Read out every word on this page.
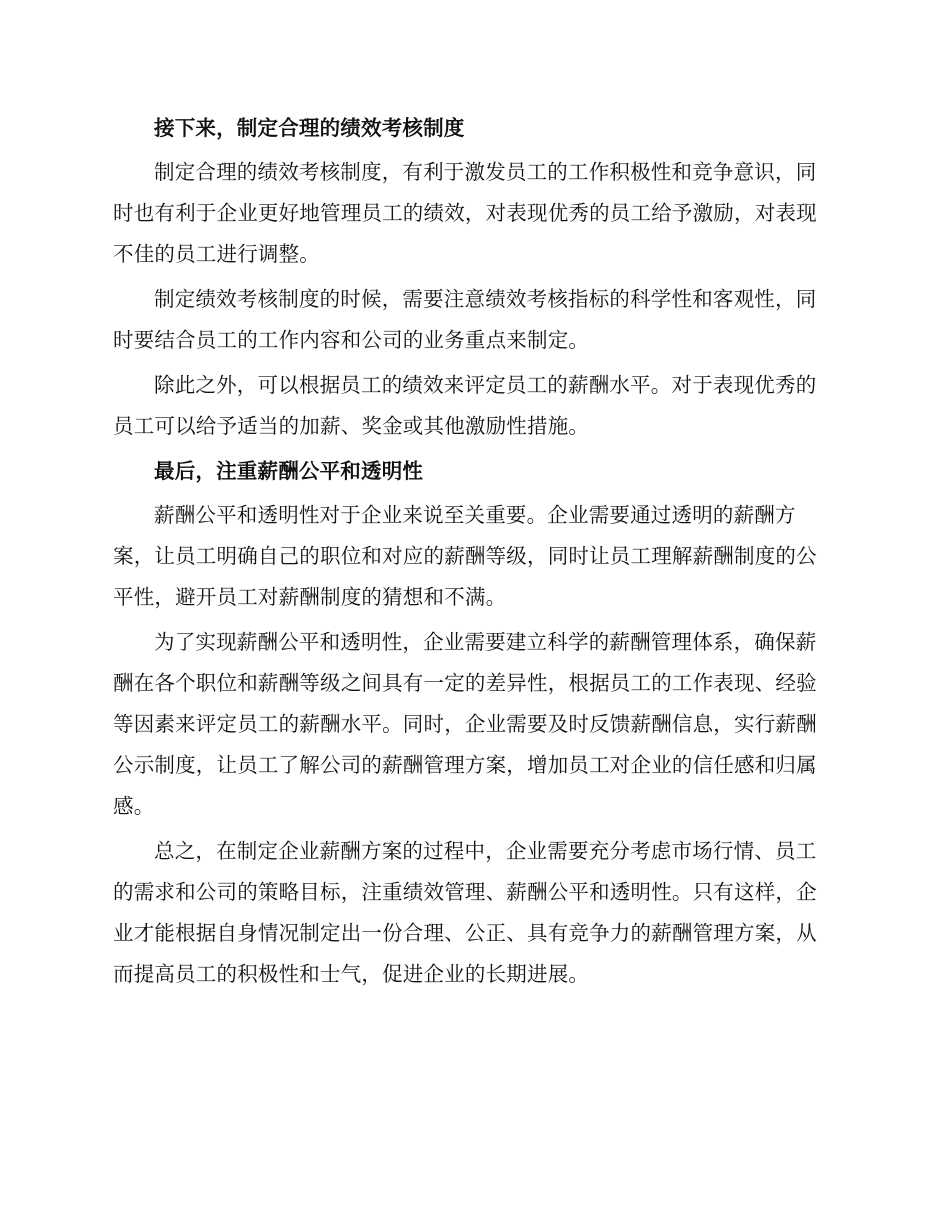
接下来，制定合理的绩效考核制度

制定合理的绩效考核制度，有利于激发员工的工作积极性和竞争意识，同时也有利于企业更好地管理员工的绩效，对表现优秀的员工给予激励，对表现不佳的员工进行调整。

制定绩效考核制度的时候，需要注意绩效考核指标的科学性和客观性，同时要结合员工的工作内容和公司的业务重点来制定。

除此之外，可以根据员工的绩效来评定员工的薪酬水平。对于表现优秀的员工可以给予适当的加薪、奖金或其他激励性措施。

最后，注重薪酬公平和透明性

薪酬公平和透明性对于企业来说至关重要。企业需要通过透明的薪酬方案，让员工明确自己的职位和对应的薪酬等级，同时让员工理解薪酬制度的公平性，避开员工对薪酬制度的猜想和不满。

为了实现薪酬公平和透明性，企业需要建立科学的薪酬管理体系，确保薪酬在各个职位和薪酬等级之间具有一定的差异性，根据员工的工作表现、经验等因素来评定员工的薪酬水平。同时，企业需要及时反馈薪酬信息，实行薪酬公示制度，让员工了解公司的薪酬管理方案，增加员工对企业的信任感和归属感。

总之，在制定企业薪酬方案的过程中，企业需要充分考虑市场行情、员工的需求和公司的策略目标，注重绩效管理、薪酬公平和透明性。只有这样，企业才能根据自身情况制定出一份合理、公正、具有竞争力的薪酬管理方案，从而提高员工的积极性和士气，促进企业的长期进展。
